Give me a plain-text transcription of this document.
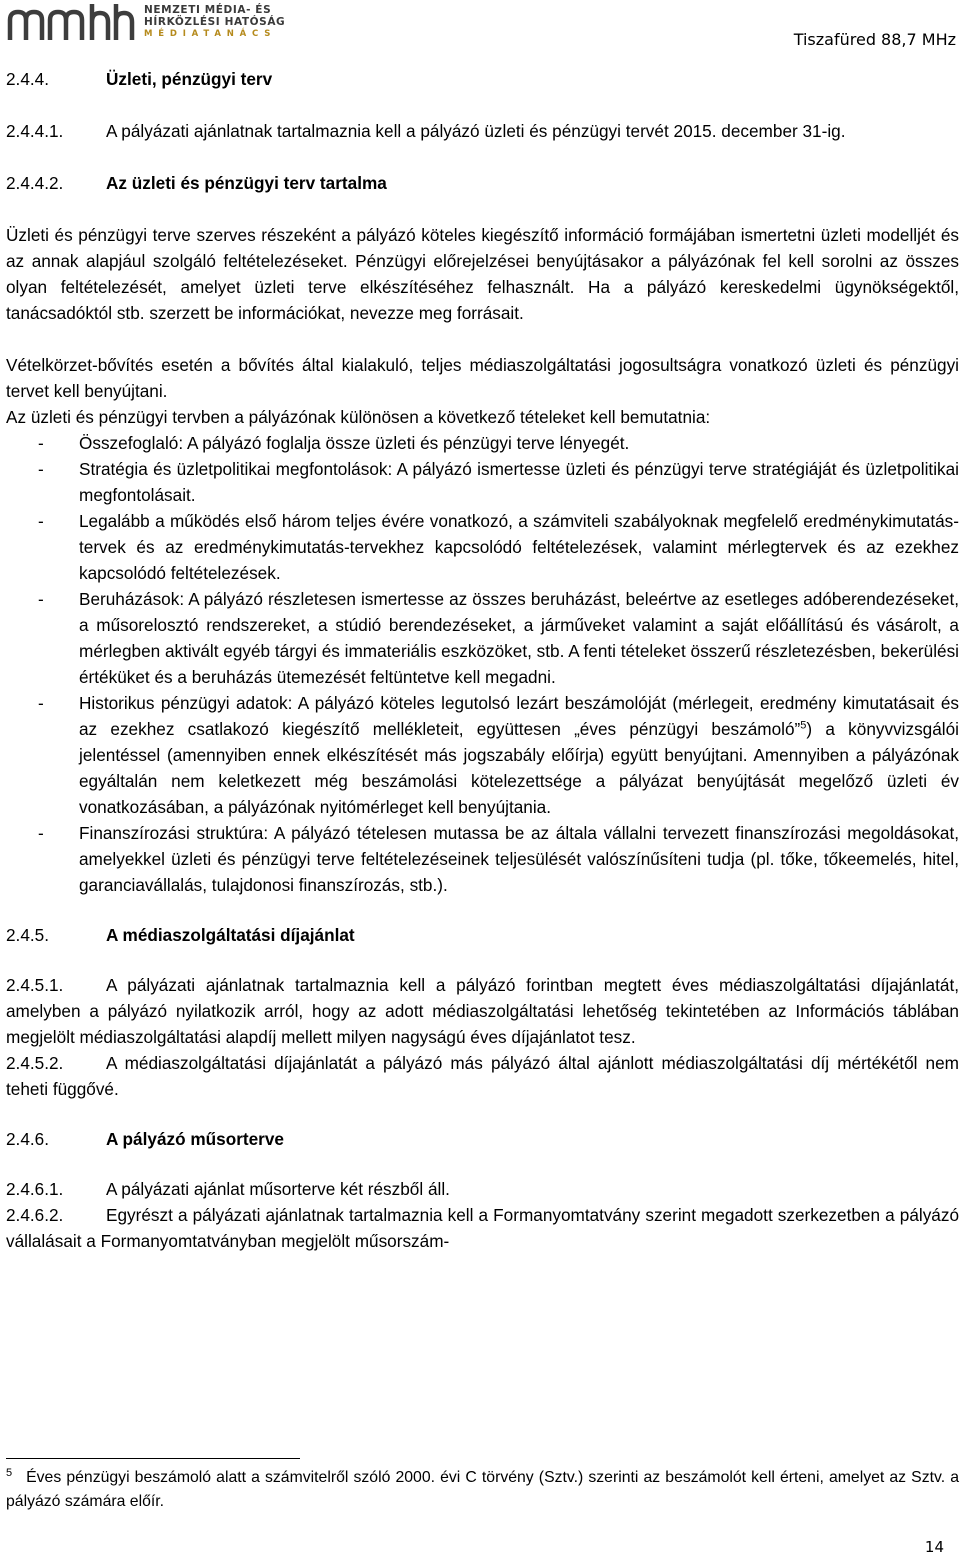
NEMZETI MÉDIA- ÉS
HÍRKÖZLÉSI HATÓSÁG
MÉDIATANÁCS	Tiszafüred 88,7 MHz

2.4.4.	Üzleti, pénzügyi terv

2.4.4.1. A pályázati ajánlatnak tartalmaznia kell a pályázó üzleti és pénzügyi tervét 2015. december 31-ig.

2.4.4.2. Az üzleti és pénzügyi terv tartalma

Üzleti és pénzügyi terve szerves részeként a pályázó köteles kiegészítő információ formájában ismertetni üzleti modelljét és az annak alapjául szolgáló feltételezéseket. Pénzügyi előrejelzései benyújtásakor a pályázónak fel kell sorolni az összes olyan feltételezését, amelyet üzleti terve elkészítéséhez felhasznált. Ha a pályázó kereskedelmi ügynökségektől, tanácsadóktól stb. szerzett be információkat, nevezze meg forrásait.

Vételkörzet-bővítés esetén a bővítés által kialakuló, teljes médiaszolgáltatási jogosultságra vonatkozó üzleti és pénzügyi tervet kell benyújtani.

Az üzleti és pénzügyi tervben a pályázónak különösen a következő tételeket kell bemutatnia:

- Összefoglaló: A pályázó foglalja össze üzleti és pénzügyi terve lényegét.
- Stratégia és üzletpolitikai megfontolások: A pályázó ismertesse üzleti és pénzügyi terve stratégiáját és üzletpolitikai megfontolásait.
- Legalább a működés első három teljes évére vonatkozó, a számviteli szabályoknak megfelelő eredménykimutatás-tervek és az eredménykimutatás-tervekhez kapcsolódó feltételezések, valamint mérlegtervek és az ezekhez kapcsolódó feltételezések.
- Beruházások: A pályázó részletesen ismertesse az összes beruházást, beleértve az esetleges adóberendezéseket, a műsorelosztó rendszereket, a stúdió berendezéseket, a járműveket valamint a saját előállítású és vásárolt, a mérlegben aktivált egyéb tárgyi és immateriális eszközöket, stb. A fenti tételeket összerű részletezésben, bekerülési értéküket és a beruházás ütemezését feltüntetve kell megadni.
- Historikus pénzügyi adatok: A pályázó köteles legutolsó lezárt beszámolóját (mérlegeit, eredmény kimutatásait és az ezekhez csatlakozó kiegészítő mellékleteit, együttesen „éves pénzügyi beszámoló”$^5$) a könyvvizsgálói jelentéssel (amennyiben ennek elkészítését más jogszabály előírja) együtt benyújtani. Amennyiben a pályázónak egyáltalán nem keletkezett még beszámolási kötelezettsége a pályázat benyújtását megelőző üzleti év vonatkozásában, a pályázónak nyitómérleget kell benyújtania.
- Finanszírozási struktúra: A pályázó tételesen mutassa be az általa vállalni tervezett finanszírozási megoldásokat, amelyekkel üzleti és pénzügyi terve feltételezéseinek teljesülését valószínűsíteni tudja (pl. tőke, tőkeemelés, hitel, garanciavállalás, tulajdonosi finanszírozás, stb.).

2.4.5.	A médiaszolgáltatási díjajánlat

2.4.5.1. A pályázati ajánlatnak tartalmaznia kell a pályázó forintban megtett éves médiaszolgáltatási díjajánlatát, amelyben a pályázó nyilatkozik arról, hogy az adott médiaszolgáltatási lehetőség tekintetében az Információs táblában megjelölt médiaszolgáltatási alapdíj mellett milyen nagyságú éves díjajánlatot tesz.

2.4.5.2. A médiaszolgáltatási díjajánlatát a pályázó más pályázó által ajánlott médiaszolgáltatási díj mértékétől nem teheti függővé.

2.4.6.	A pályázó műsorterve

2.4.6.1. A pályázati ajánlat műsorterve két részből áll.

2.4.6.2. Egyrészt a pályázati ajánlatnak tartalmaznia kell a Formanyomtatvány szerint megadott szerkezetben a pályázó vállalásait a Formanyomtatványban megjelölt műsorszám-

$^5$ Éves pénzügyi beszámoló alatt a számvitelről szóló 2000. évi C törvény (Sztv.) szerinti az beszámolót kell érteni, amelyet az Sztv. a pályázó számára előír.
14
